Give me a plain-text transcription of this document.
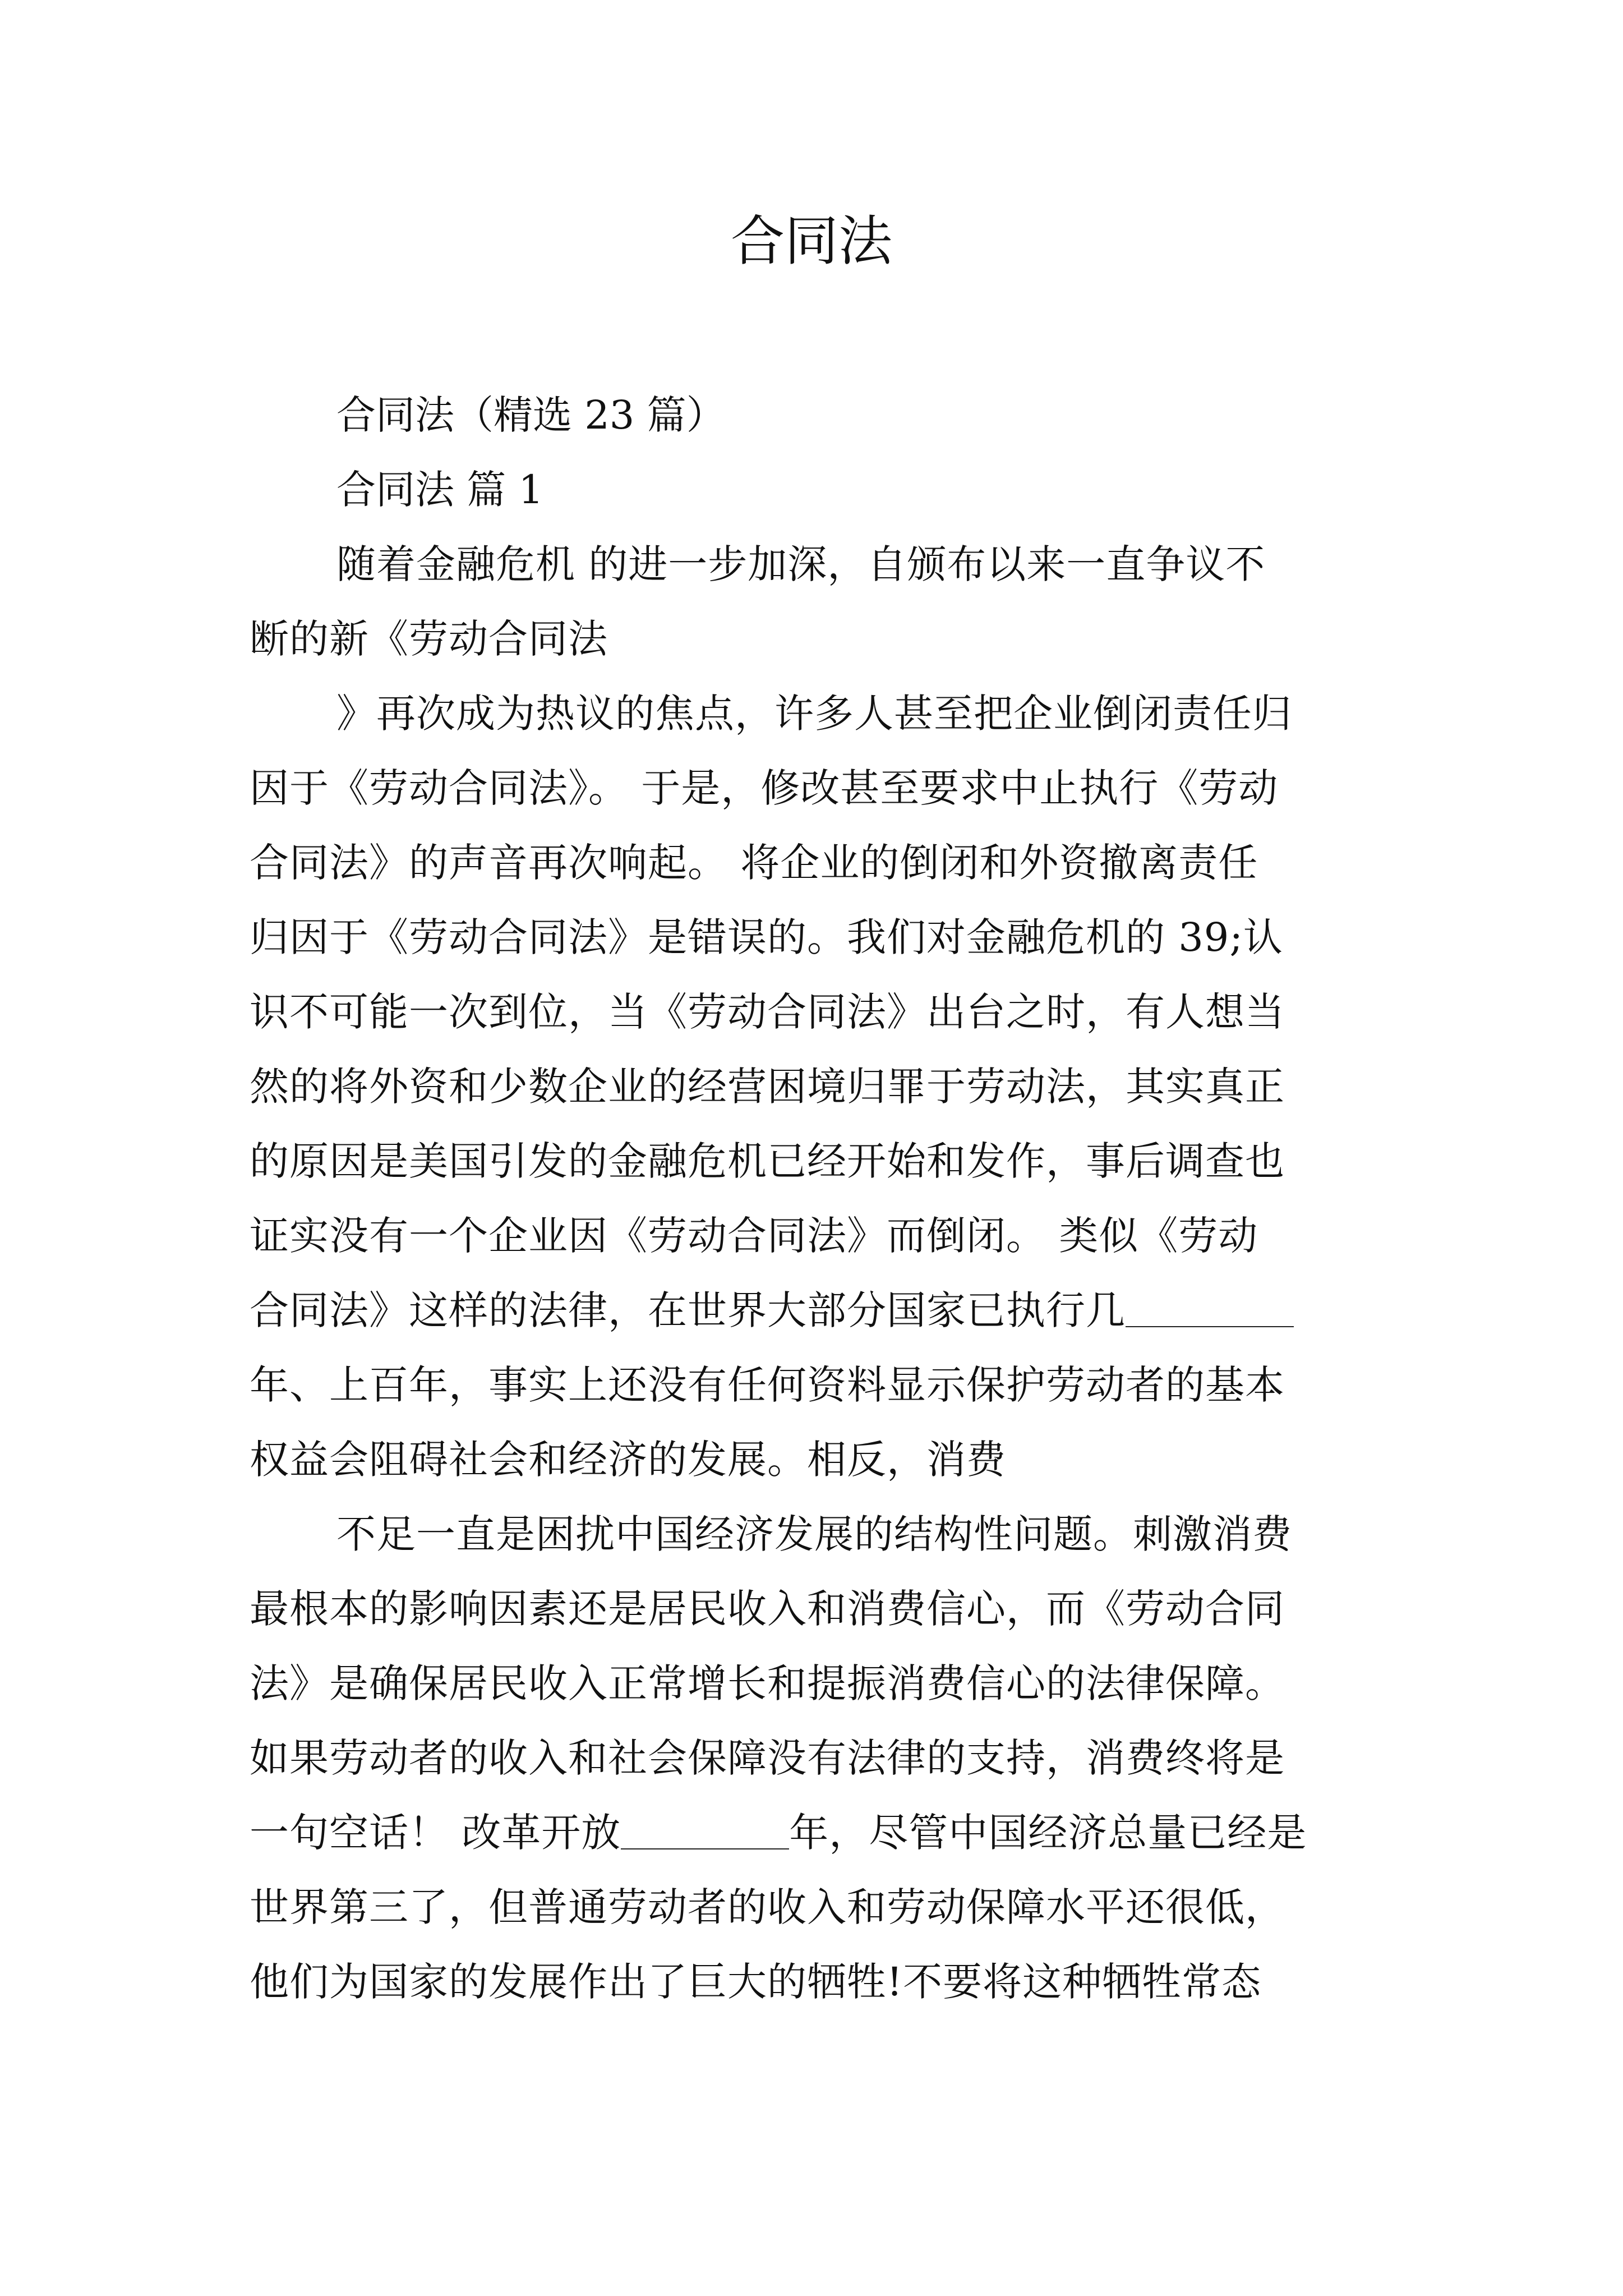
合同法

合同法（精选 23 篇）

合同法 篇 1

随着金融危机 的进一步加深，自颁布以来一直争议不

断的新《劳动合同法

》再次成为热议的焦点，许多人甚至把企业倒闭责任归

因于《劳动合同法》。 于是，修改甚至要求中止执行《劳动

合同法》的声音再次响起。 将企业的倒闭和外资撤离责任

归因于《劳动合同法》是错误的。我们对金融危机的 39;认

识不可能一次到位，当《劳动合同法》出台之时，有人想当

然的将外资和少数企业的经营困境归罪于劳动法，其实真正

的原因是美国引发的金融危机已经开始和发作，事后调查也

证实没有一个企业因《劳动合同法》而倒闭。 类似《劳动

合同法》这样的法律，在世界大部分国家已执行几

年、上百年，事实上还没有任何资料显示保护劳动者的基本

权益会阻碍社会和经济的发展。相反，消费

不足一直是困扰中国经济发展的结构性问题。刺激消费

最根本的影响因素还是居民收入和消费信心，而《劳动合同

法》是确保居民收入正常增长和提振消费信心的法律保障。

如果劳动者的收入和社会保障没有法律的支持，消费终将是

一句空话！ 改革开放	年，尽管中国经济总量已经是

世界第三了，但普通劳动者的收入和劳动保障水平还很低，

他们为国家的发展作出了巨大的牺牲!不要将这种牺牲常态
